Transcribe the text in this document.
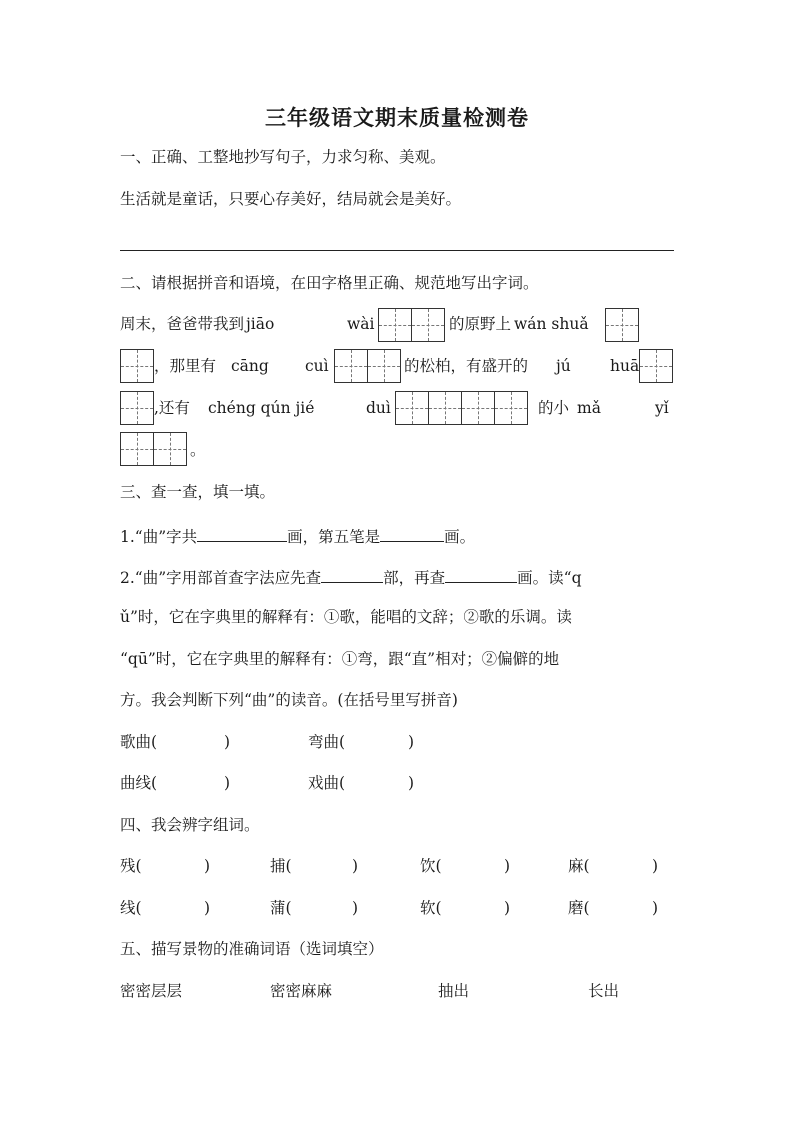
三年级语文期末质量检测卷
一、正确、工整地抄写句子，力求匀称、美观。
生活就是童话，只要心存美好，结局就会是美好。
二、请根据拼音和语境，在田字格里正确、规范地写出字词。
周末，爸爸带我到 jiāo	wài	的原野上 wán shuǎ
，那里有 cāng cuì	的松柏，有盛开的 jú	huā
,还有 chéng qún jié	duì	的小 mǎ	yǐ
。
三、查一查，填一填。
1.“曲”字共	画，第五笔是	画。
2.“曲”字用部首查字法应先查	部，再查	画。读“q
ǔ”时，它在字典里的解释有：①歌，能唱的文辞；②歌的乐调。读
“qū”时，它在字典里的解释有：①弯，跟“直”相对；②偏僻的地
方。我会判断下列“曲”的读音。(在括号里写拼音)
歌曲(	)	弯曲(	)
曲线(	)	戏曲(	)
四、我会辨字组词。
残(	)	捕(	)	饮(	)	麻(	)
线(	)	蒲(	)	软(	)	磨(	)
五、描写景物的准确词语（选词填空）
密密层层	密密麻麻	抽出	长出
